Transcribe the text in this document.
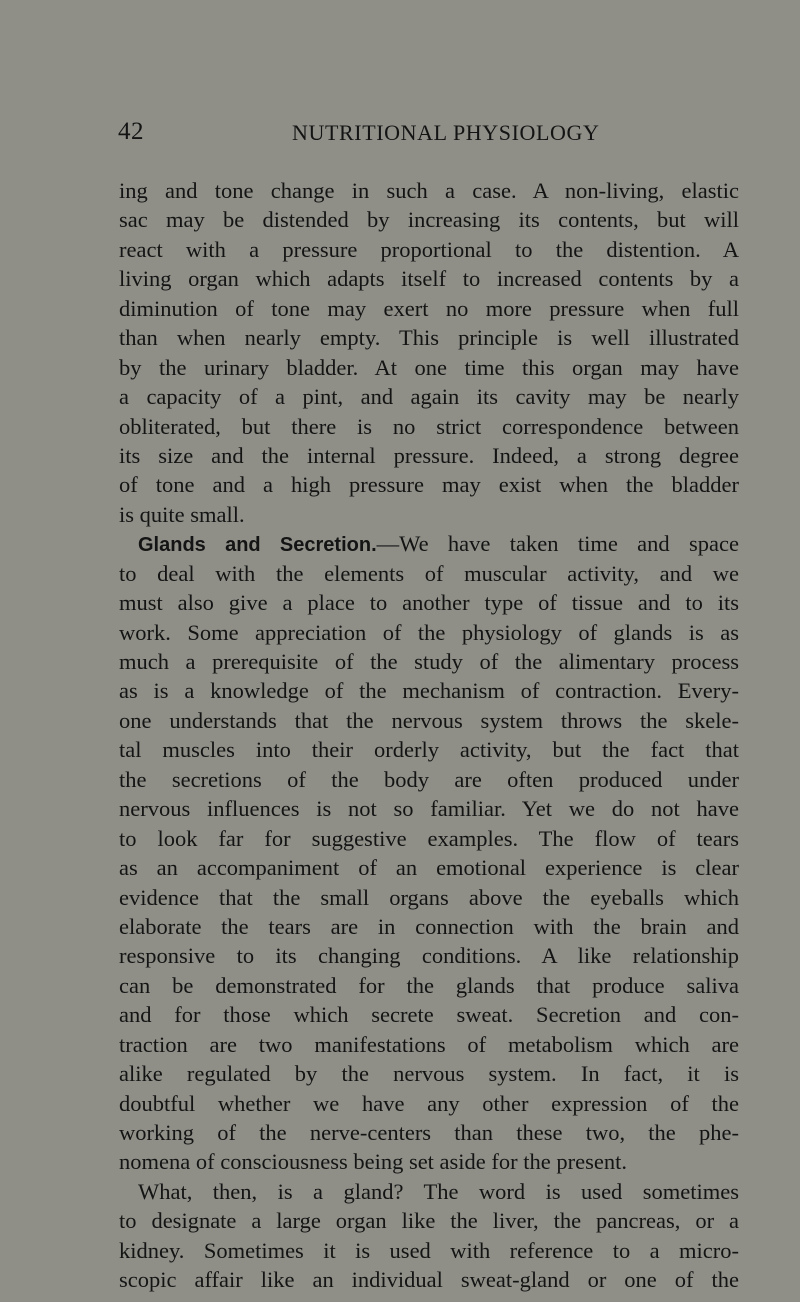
42	NUTRITIONAL PHYSIOLOGY
ing and tone change in such a case. A non-living, elastic
sac may be distended by increasing its contents, but will
react with a pressure proportional to the distention. A
living organ which adapts itself to increased contents by a
diminution of tone may exert no more pressure when full
than when nearly empty. This principle is well illustrated
by the urinary bladder. At one time this organ may have
a capacity of a pint, and again its cavity may be nearly
obliterated, but there is no strict correspondence between
its size and the internal pressure. Indeed, a strong degree
of tone and a high pressure may exist when the bladder
is quite small.
Glands and Secretion.—We have taken time and space
to deal with the elements of muscular activity, and we
must also give a place to another type of tissue and to its
work. Some appreciation of the physiology of glands is as
much a prerequisite of the study of the alimentary process
as is a knowledge of the mechanism of contraction. Every-
one understands that the nervous system throws the skele-
tal muscles into their orderly activity, but the fact that
the secretions of the body are often produced under
nervous influences is not so familiar. Yet we do not have
to look far for suggestive examples. The flow of tears
as an accompaniment of an emotional experience is clear
evidence that the small organs above the eyeballs which
elaborate the tears are in connection with the brain and
responsive to its changing conditions. A like relationship
can be demonstrated for the glands that produce saliva
and for those which secrete sweat. Secretion and con-
traction are two manifestations of metabolism which are
alike regulated by the nervous system. In fact, it is
doubtful whether we have any other expression of the
working of the nerve-centers than these two, the phe-
nomena of consciousness being set aside for the present.
What, then, is a gland? The word is used sometimes
to designate a large organ like the liver, the pancreas, or a
kidney. Sometimes it is used with reference to a micro-
scopic affair like an individual sweat-gland or one of the
